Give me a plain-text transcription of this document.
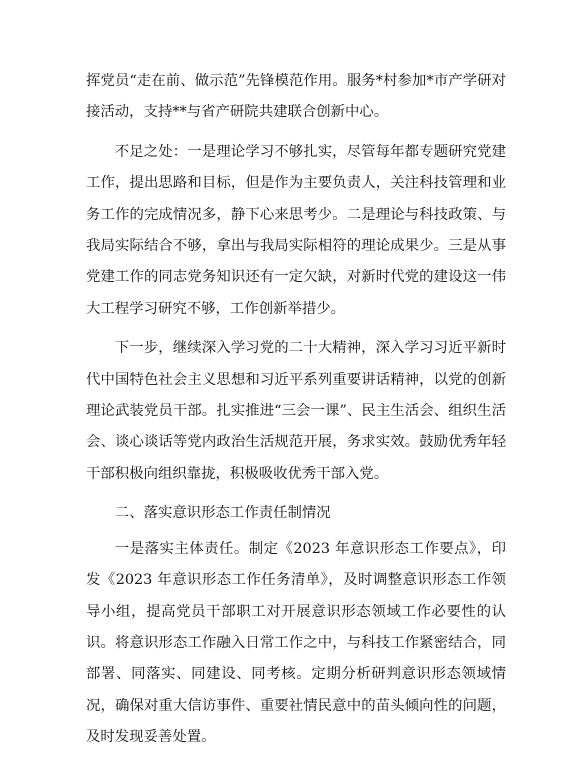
挥党员“走在前、做示范”先锋模范作用。服务*村参加*市产学研对接活动，支持**与省产研院共建联合创新中心。

不足之处：一是理论学习不够扎实，尽管每年都专题研究党建工作，提出思路和目标，但是作为主要负责人，关注科技管理和业务工作的完成情况多，静下心来思考少。二是理论与科技政策、与我局实际结合不够，拿出与我局实际相符的理论成果少。三是从事党建工作的同志党务知识还有一定欠缺，对新时代党的建设这一伟大工程学习研究不够，工作创新举措少。

下一步，继续深入学习党的二十大精神，深入学习习近平新时代中国特色社会主义思想和习近平系列重要讲话精神，以党的创新理论武装党员干部。扎实推进“三会一课”、民主生活会、组织生活会、谈心谈话等党内政治生活规范开展，务求实效。鼓励优秀年轻干部积极向组织靠拢，积极吸收优秀干部入党。

二、落实意识形态工作责任制情况

一是落实主体责任。制定《2023 年意识形态工作要点》，印发《2023 年意识形态工作任务清单》，及时调整意识形态工作领导小组，提高党员干部职工对开展意识形态领域工作必要性的认识。将意识形态工作融入日常工作之中，与科技工作紧密结合，同部署、同落实、同建设、同考核。定期分析研判意识形态领域情况，确保对重大信访事件、重要社情民意中的苗头倾向性的问题，及时发现妥善处置。
